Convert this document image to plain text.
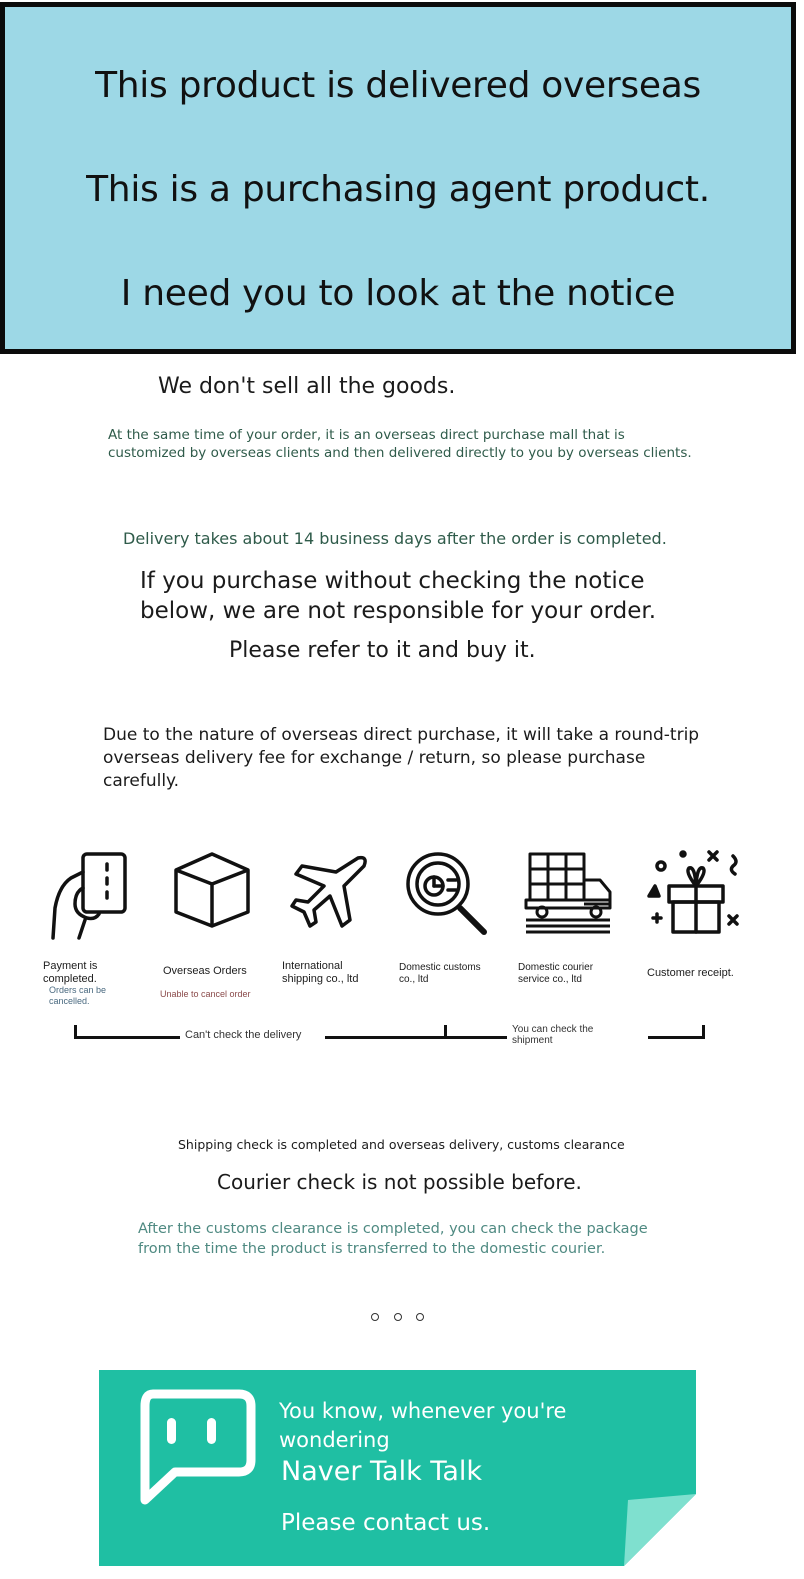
This product is delivered overseas
This is a purchasing agent product.
I need you to look at the notice
We don't sell all the goods.
At the same time of your order, it is an overseas direct purchase mall that is
customized by overseas clients and then delivered directly to you by overseas clients.
Delivery takes about 14 business days after the order is completed.
If you purchase without checking the notice
below, we are not responsible for your order.
Please refer to it and buy it.
Due to the nature of overseas direct purchase, it will take a round-trip
overseas delivery fee for exchange / return, so please purchase carefully.
Payment is
completed.
Orders can be
cancelled.
Overseas Orders
Unable to cancel order
International
shipping co., ltd
Domestic customs
co., ltd
Domestic courier
service co., ltd
Customer receipt.
Can't check the delivery	You can check the
shipment
Shipping check is completed and overseas delivery, customs clearance
Courier check is not possible before.
After the customs clearance is completed, you can check the package
from the time the product is transferred to the domestic courier.
You know, whenever you're
wondering
Naver Talk Talk
Please contact us.
